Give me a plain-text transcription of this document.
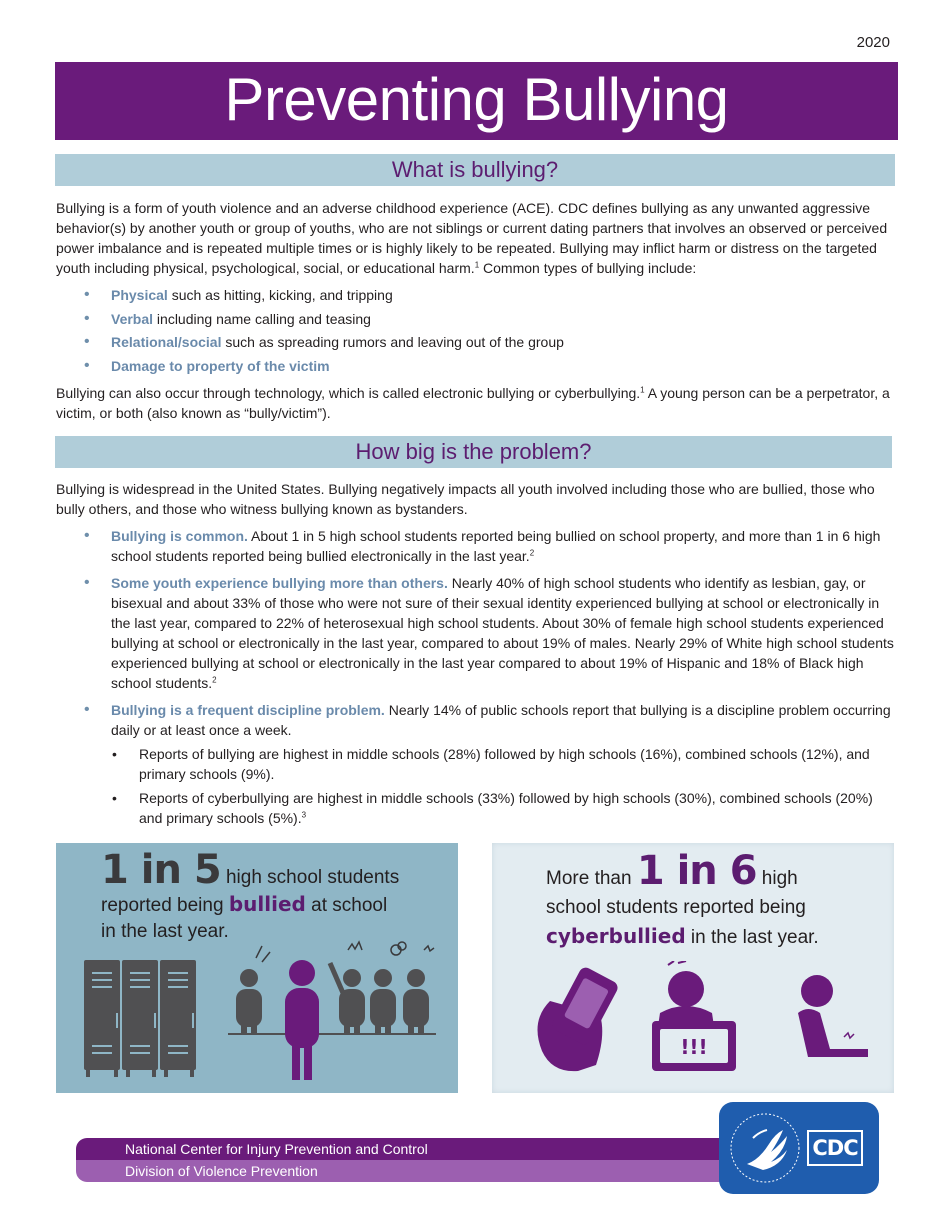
2020
Preventing Bullying
What is bullying?
Bullying is a form of youth violence and an adverse childhood experience (ACE). CDC defines bullying as any unwanted aggressive behavior(s) by another youth or group of youths, who are not siblings or current dating partners that involves an observed or perceived power imbalance and is repeated multiple times or is highly likely to be repeated. Bullying may inflict harm or distress on the targeted youth including physical, psychological, social, or educational harm.$^1$ Common types of bullying include:
• Physical such as hitting, kicking, and tripping
• Verbal including name calling and teasing
• Relational/social such as spreading rumors and leaving out of the group
• Damage to property of the victim
Bullying can also occur through technology, which is called electronic bullying or cyberbullying.$^1$ A young person can be a perpetrator, a victim, or both (also known as “bully/victim”).
How big is the problem?
Bullying is widespread in the United States. Bullying negatively impacts all youth involved including those who are bullied, those who bully others, and those who witness bullying known as bystanders.
• Bullying is common. About 1 in 5 high school students reported being bullied on school property, and more than 1 in 6 high school students reported being bullied electronically in the last year.$^2$
• Some youth experience bullying more than others. Nearly 40% of high school students who identify as lesbian, gay, or bisexual and about 33% of those who were not sure of their sexual identity experienced bullying at school or electronically in the last year, compared to 22% of heterosexual high school students. About 30% of female high school students experienced bullying at school or electronically in the last year, compared to about 19% of males. Nearly 29% of White high school students experienced bullying at school or electronically in the last year compared to about 19% of Hispanic and 18% of Black high school students.$^2$
• Bullying is a frequent discipline problem. Nearly 14% of public schools report that bullying is a discipline problem occurring daily or at least once a week.
• Reports of bullying are highest in middle schools (28%) followed by high schools (16%), combined schools (12%), and primary schools (9%).
• Reports of cyberbullying are highest in middle schools (33%) followed by high schools (30%), combined schools (20%) and primary schools (5%).$^3$
1 in 5 high school students
reported being bullied at school
in the last year.
More than 1 in 6 high
school students reported being
cyberbullied in the last year.
!!!
National Center for Injury Prevention and Control
Division of Violence Prevention
CDC
